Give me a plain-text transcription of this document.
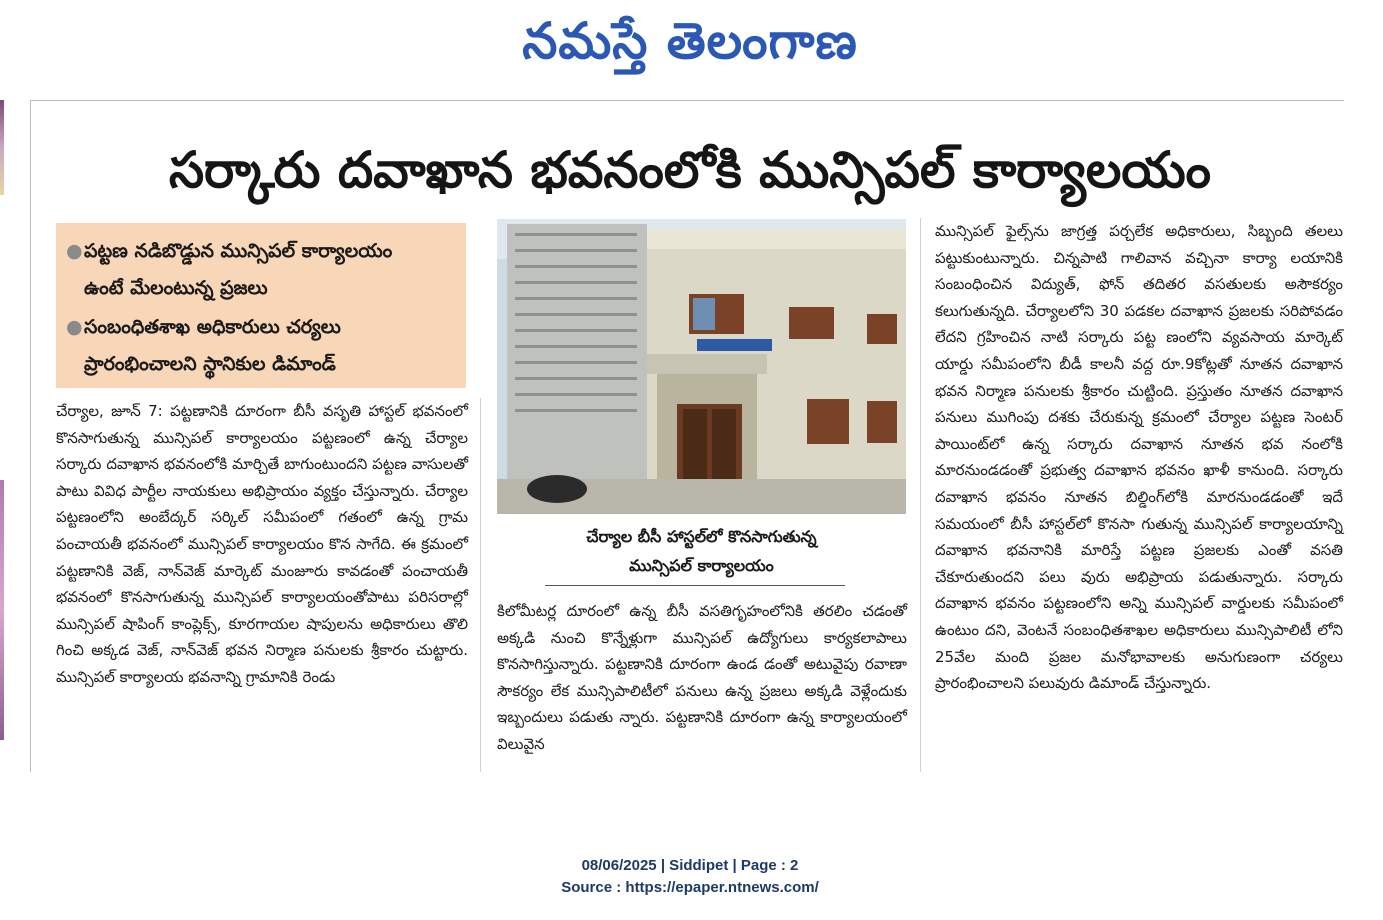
నమస్తే తెలంగాణ
సర్కారు దవాఖాన భవనంలోకి మున్సిపల్ కార్యాలయం
● పట్టణ నడిబొడ్డున మున్సిపల్ కార్యాలయం
ఉంటే మేలంటున్న ప్రజలు
● సంబంధితశాఖ అధికారులు చర్యలు
ప్రారంభించాలని స్థానికుల డిమాండ్
చేర్యాల, జూన్ 7: పట్టణానికి దూరంగా బీసీ వసృతి హాస్టల్ భవనంలో కొనసాగుతున్న మున్సిపల్ కార్యాలయం పట్టణంలో ఉన్న చేర్యాల సర్కారు దవాఖాన భవనంలోకి మార్చితే బాగుంటుందని పట్టణ వాసులతో పాటు వివిధ పార్టీల నాయకులు అభిప్రాయం వ్యక్తం చేస్తున్నారు. చేర్యాల పట్టణంలోని అంబేద్కర్ సర్కిల్ సమీపంలో గతంలో ఉన్న గ్రామ పంచాయతీ భవనంలో మున్సిపల్ కార్యాలయం కొన సాగేది. ఈ క్రమంలో పట్టణానికి వెజ్, నాన్‌వెజ్ మార్కెట్ మంజూరు కావడంతో పంచాయతీ భవనంలో కొనసాగుతున్న మున్సిపల్ కార్యాలయంతోపాటు పరిసరాల్లో మున్సిపల్ షాపింగ్ కాంప్లెక్స్, కూరగాయల షాపులను అధికారులు తొలి గించి అక్కడ వెజ్, నాన్‌వెజ్ భవన నిర్మాణ పనులకు శ్రీకారం చుట్టారు. మున్సిపల్ కార్యాలయ భవనాన్ని గ్రామానికి రెండు
చేర్యాల బీసీ హాస్టల్‌లో కొనసాగుతున్న
మున్సిపల్ కార్యాలయం
కిలోమీటర్ల దూరంలో ఉన్న బీసీ వసతిగృహంలోనికి తరలిం చడంతో అక్కడి నుంచి కొన్నేళ్లుగా మున్సిపల్ ఉద్యోగులు కార్యకలాపాలు కొనసాగిస్తున్నారు. పట్టణానికి దూరంగా ఉండ డంతో అటువైపు రవాణా సౌకర్యం లేక మున్సిపాలిటీలో పనులు ఉన్న ప్రజలు అక్కడి వెళ్లేందుకు ఇబ్బందులు పడుతు న్నారు. పట్టణానికి దూరంగా ఉన్న కార్యాలయంలో విలువైన
మున్సిపల్ ఫైల్స్‌ను జాగ్రత్త పర్చలేక అధికారులు, సిబ్బంది తలలు పట్టుకుంటున్నారు. చిన్నపాటి గాలివాన వచ్చినా కార్యా లయానికి సంబంధించిన విద్యుత్, ఫోన్ తదితర వసతులకు అసౌకర్యం కలుగుతున్నది. చేర్యాలలోని 30 పడకల దవాఖాన ప్రజలకు సరిపోవడం లేదని గ్రహించిన నాటి సర్కారు పట్ట ణంలోని వ్యవసాయ మార్కెట్ యార్డు సమీపంలోని బీడీ కాలనీ వద్ద రూ.9కోట్లతో నూతన దవాఖాన భవన నిర్మాణ పనులకు శ్రీకారం చుట్టింది. ప్రస్తుతం నూతన దవాఖాన పనులు ముగింపు దశకు చేరుకున్న క్రమంలో చేర్యాల పట్టణ సెంటర్ పాయింట్‌లో ఉన్న సర్కారు దవాఖాన నూతన భవ నంలోకి మారనుండడంతో ప్రభుత్వ దవాఖాన భవనం ఖాళీ కానుంది. సర్కారు దవాఖాన భవనం నూతన బిల్డింగ్‌లోకి మారనుండడంతో ఇదే సమయంలో బీసీ హాస్టల్‌లో కొనసా గుతున్న మున్సిపల్ కార్యాలయాన్ని దవాఖాన భవనానికి మారిస్తే పట్టణ ప్రజలకు ఎంతో వసతి చేకూరుతుందని పలు వురు అభిప్రాయ పడుతున్నారు. సర్కారు దవాఖాన భవనం పట్టణంలోని అన్ని మున్సిపల్ వార్డులకు సమీపంలో ఉంటుం దని, వెంటనే సంబంధితశాఖల అధికారులు మున్సిపాలిటీ లోని 25వేల మంది ప్రజల మనోభావాలకు అనుగుణంగా చర్యలు ప్రారంభించాలని పలువురు డిమాండ్ చేస్తున్నారు.
08/06/2025 | Siddipet | Page : 2
Source : https://epaper.ntnews.com/
